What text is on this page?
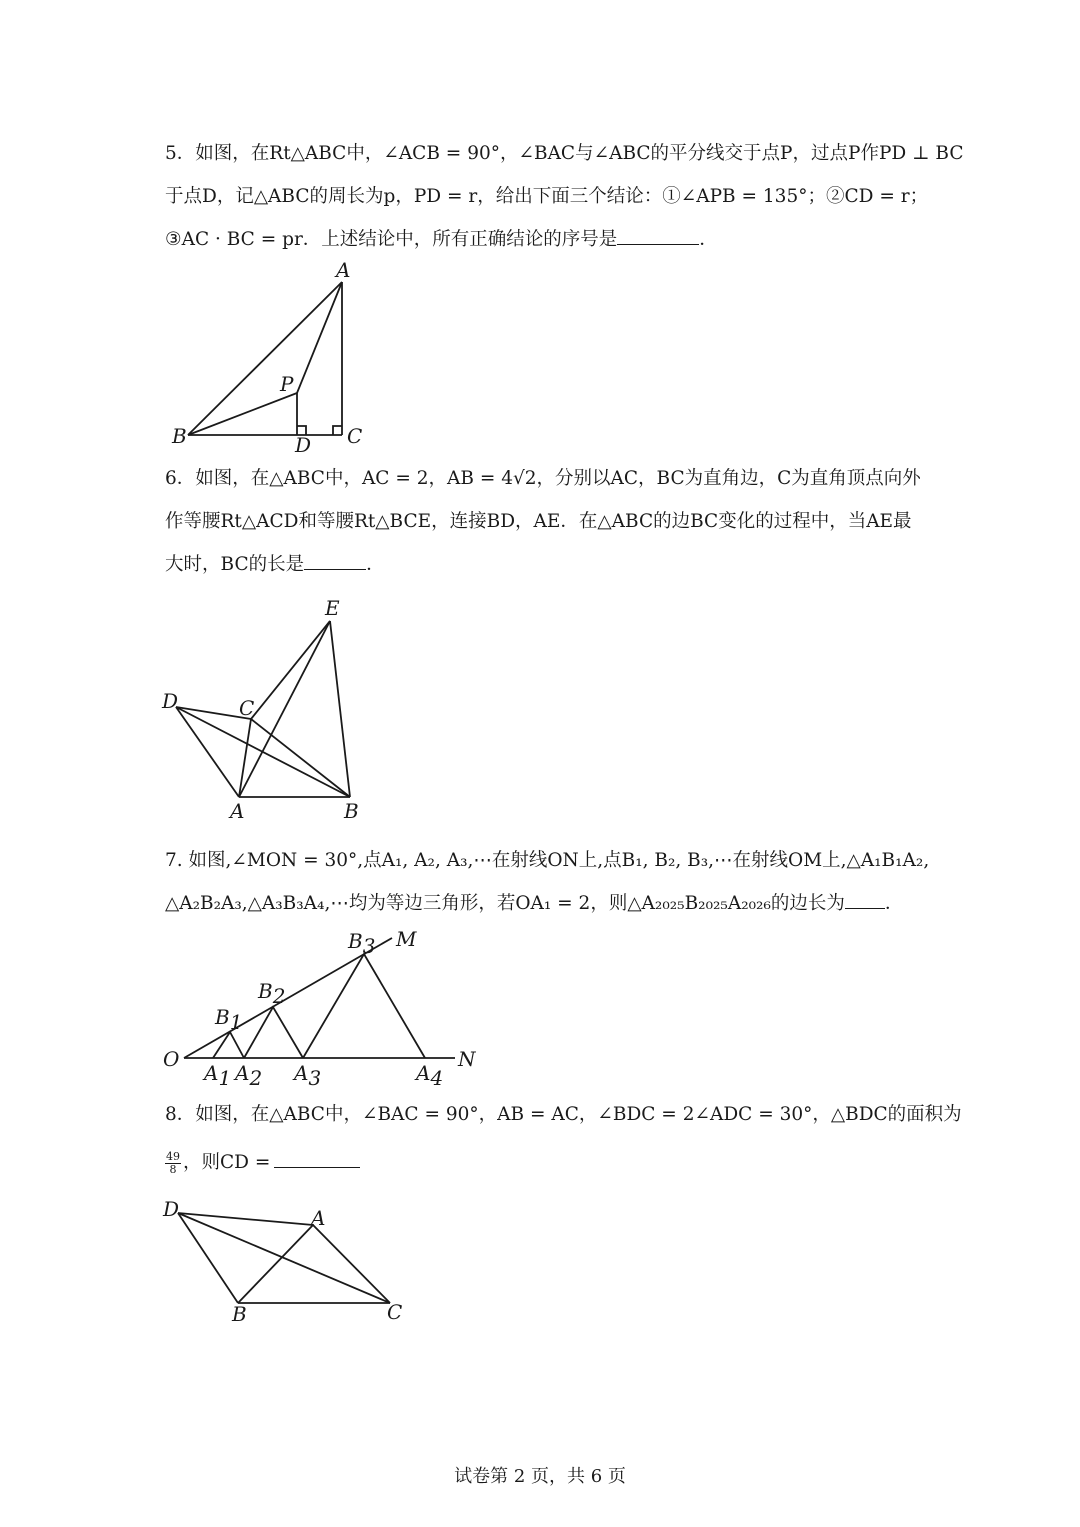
5．如图，在Rt△ABC中，∠ACB = 90°，∠BAC与∠ABC的平分线交于点P，过点P作PD ⊥ BC
于点D，记△ABC的周长为p，PD = r，给出下面三个结论：①∠APB = 135°；②CD = r；
③AC · BC = pr．上述结论中，所有正确结论的序号是	．
A
P
B	D C
6．如图，在△ABC中，AC = 2，AB = 4√2，分别以AC，BC为直角边，C为直角顶点向外
作等腰Rt△ACD和等腰Rt△BCE，连接BD，AE．在△ABC的边BC变化的过程中，当AE最
大时，BC的长是	．
E
D	C
A	B
7. 如图,∠MON = 30°,点A₁, A₂, A₃,⋯在射线ON上,点B₁, B₂, B₃,⋯在射线OM上,△A₁B₁A₂,
△A₂B₂A₃,△A₃B₃A₄,⋯均为等边三角形，若OA₁ = 2，则△A₂₀₂₅B₂₀₂₅A₂₀₂₆的边长为 ．
O
M
N
B3
B2
B1
A1 A2 A3	A4
8．如图，在△ABC中，∠BAC = 90°，AB = AC，∠BDC = 2∠ADC = 30°，△BDC的面积为
$\frac{49}{8}$ ，则CD =
D	A
B	C
试卷第 2 页，共 6 页
